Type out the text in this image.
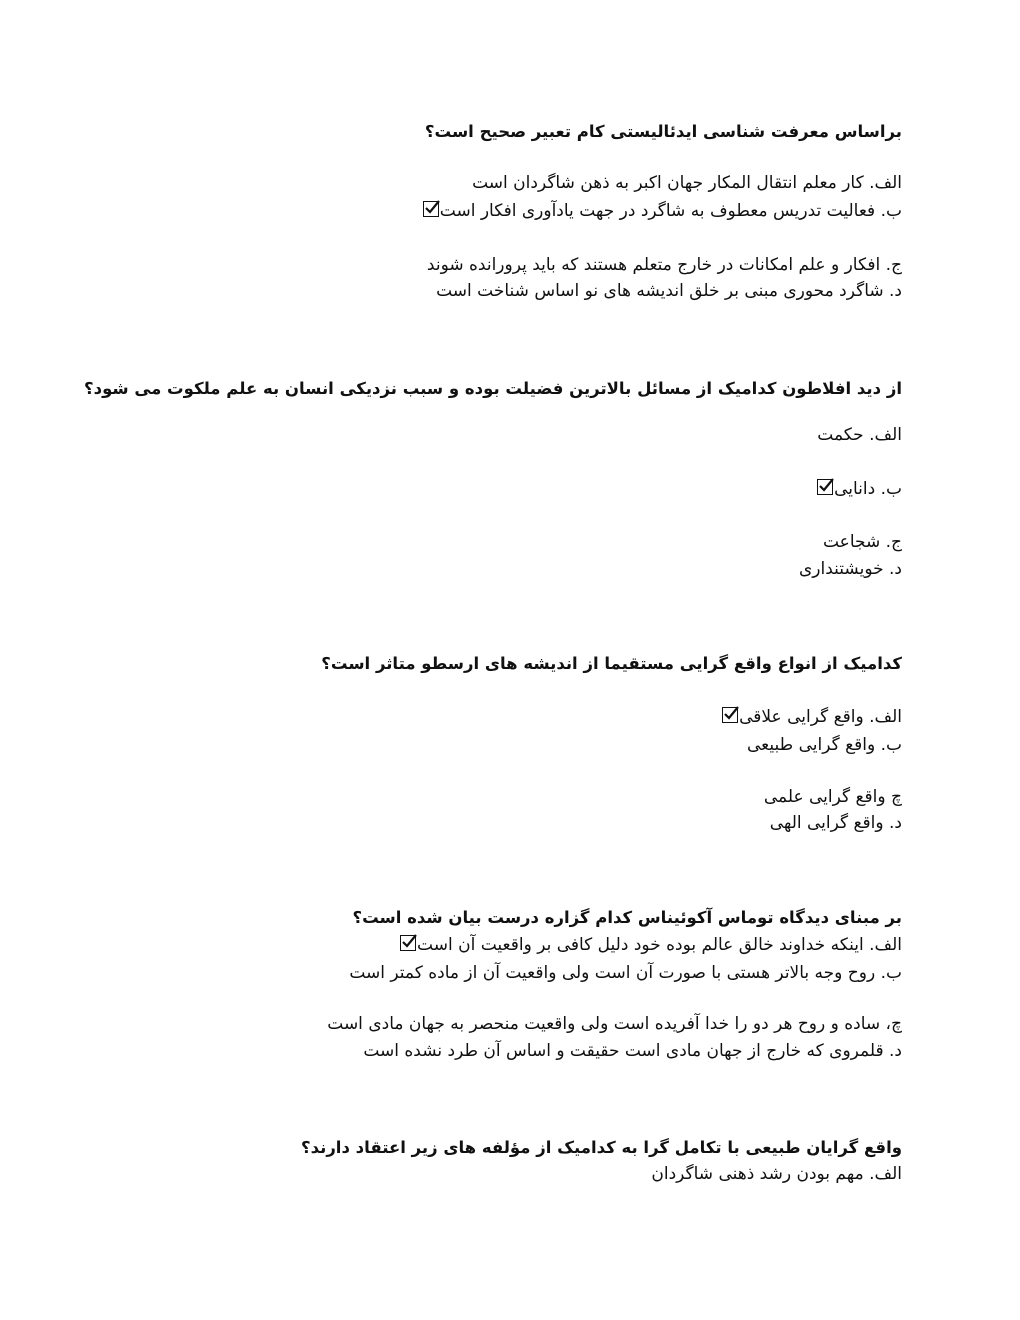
براساس معرفت شناسی ایدئالیستی کام تعبیر صحیح است؟
الف. کار معلم انتقال المکار جهان اکبر به ذهن شاگردان است
ب. فعالیت تدریس معطوف به شاگرد در جهت یادآوری افکار است
ج. افکار و علم امکانات در خارج متعلم هستند که باید پرورانده شوند
د. شاگرد محوری مبنی بر خلق اندیشه های نو اساس شناخت است
از دید افلاطون کدامیک از مسائل بالاترین فضیلت بوده و سبب نزدیکی انسان به علم ملکوت می شود؟
الف. حکمت
ب. دانایی
ج. شجاعت
د. خویشتنداری
کدامیک از انواع واقع گرایی مستقیما از اندیشه های ارسطو متاثر است؟
الف. واقع گرایی علاقی
ب. واقع گرایی طبیعی
چ واقع گرایی علمی
د. واقع گرایی الهی
بر مبنای دیدگاه توماس آکوئیناس کدام گزاره درست بیان شده است؟
الف. اینکه خداوند خالق عالم بوده خود دلیل کافی بر واقعیت آن است
ب. روح وجه بالاتر هستی با صورت آن است ولی واقعیت آن از ماده کمتر است
چ، ساده و روح هر دو را خدا آفریده است ولی واقعیت منحصر به جهان مادی است
د. قلمروی که خارج از جهان مادی است حقیقت و اساس آن طرد نشده است
واقع گرایان طبیعی با تکامل گرا به کدامیک از مؤلفه های زیر اعتقاد دارند؟
الف. مهم بودن رشد ذهنی شاگردان
